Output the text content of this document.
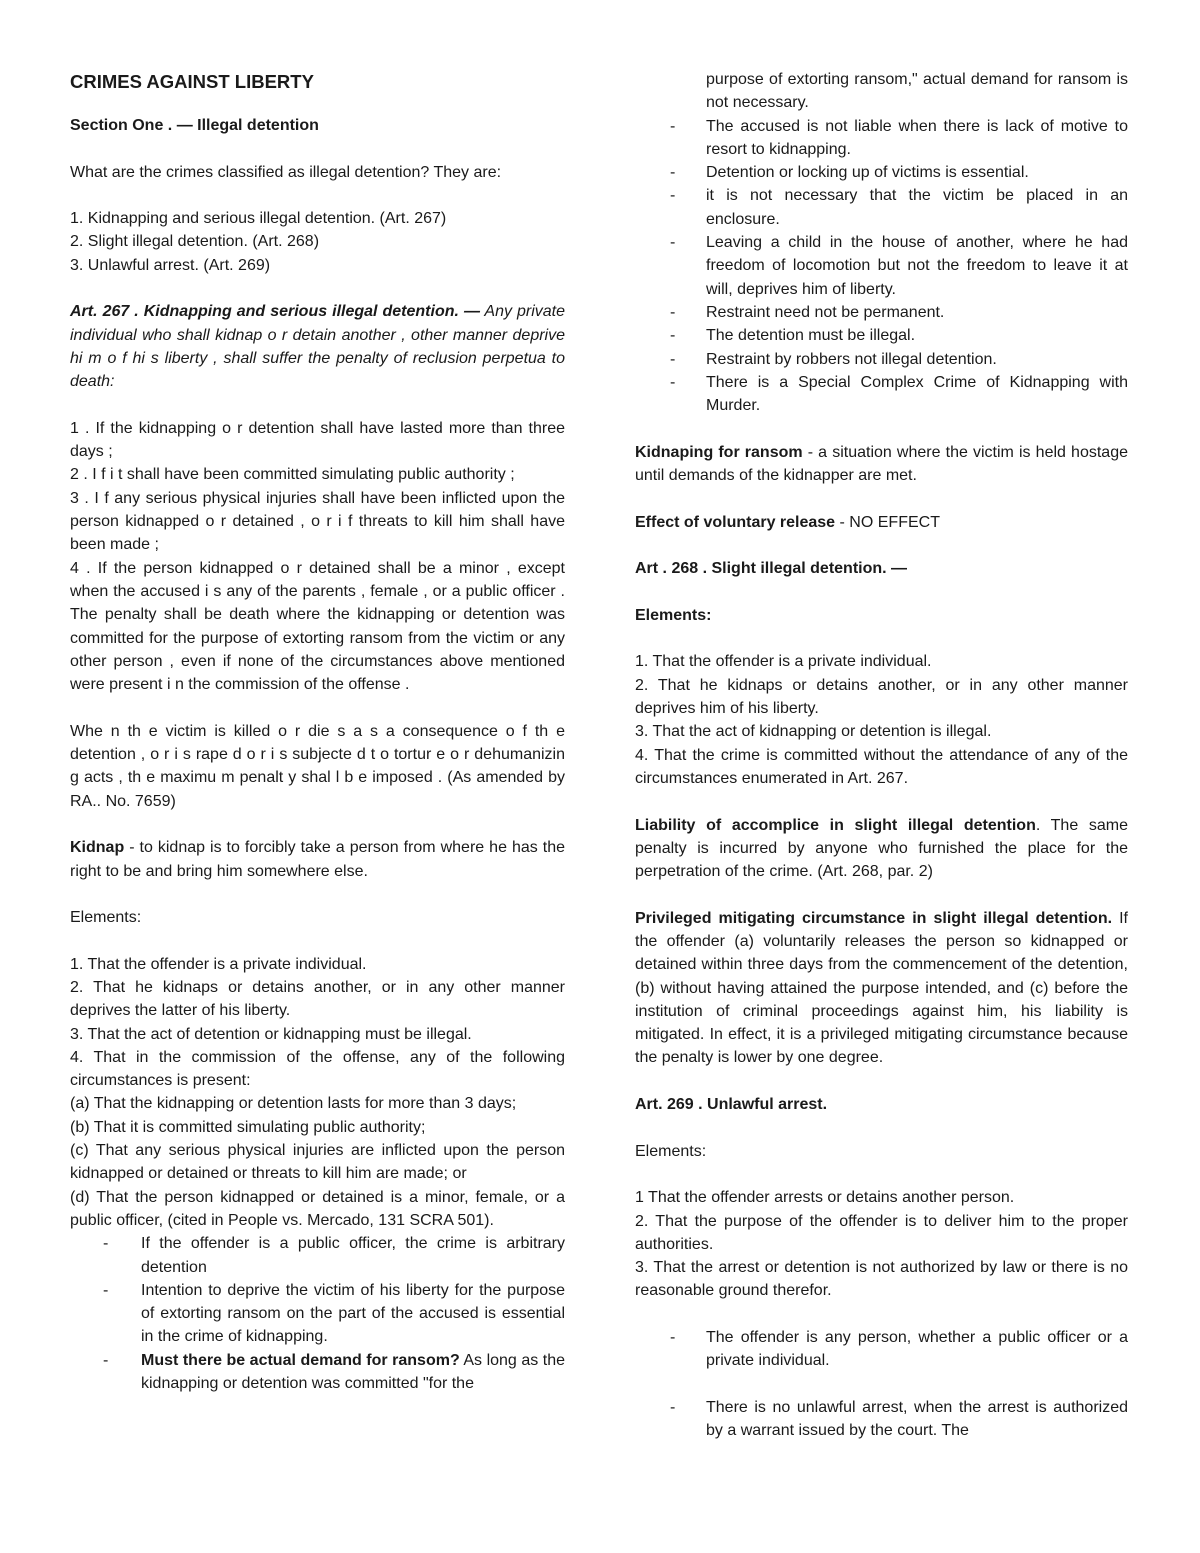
CRIMES AGAINST LIBERTY

Section One . — Illegal detention

What are the crimes classified as illegal detention? They are:

1. Kidnapping and serious illegal detention. (Art. 267)

2. Slight illegal detention. (Art. 268)

3. Unlawful arrest. (Art. 269)

Art. 267 . Kidnapping and serious illegal detention. — Any private individual who shall kidnap o r detain another , other manner deprive hi m o f hi s liberty , shall suffer the penalty of reclusion perpetua to death:

1 . If the kidnapping o r detention shall have lasted more than three days ;

2 . I f i t shall have been committed simulating public authority ;

3 . I f any serious physical injuries shall have been inflicted upon the person kidnapped o r detained , o r i f threats to kill him shall have been made ;

4 . If the person kidnapped o r detained shall be a minor , except when the accused i s any of the parents , female , or a public officer . The penalty shall be death where the kidnapping or detention was committed for the purpose of extorting ransom from the victim or any other person , even if none of the circumstances above mentioned were present i n the commission of the offense .

Whe n th e victim is killed o r die s a s a consequence o f th e detention , o r i s rape d o r i s subjecte d t o tortur e o r dehumanizin g acts , th e maximu m penalt y shal l b e imposed . (As amended by RA.. No. 7659)

Kidnap - to kidnap is to forcibly take a person from where he has the right to be and bring him somewhere else.

Elements:

1. That the offender is a private individual.

2. That he kidnaps or detains another, or in any other manner deprives the latter of his liberty.

3. That the act of detention or kidnapping must be illegal.

4. That in the commission of the offense, any of the following circumstances is present:

(a) That the kidnapping or detention lasts for more than 3 days;

(b) That it is committed simulating public authority;

(c) That any serious physical injuries are inflicted upon the person kidnapped or detained or threats to kill him are made; or

(d) That the person kidnapped or detained is a minor, female, or a public officer, (cited in People vs. Mercado, 131 SCRA 501).

- If the offender is a public officer, the crime is arbitrary detention
- Intention to deprive the victim of his liberty for the purpose of extorting ransom on the part of the accused is essential in the crime of kidnapping.
- Must there be actual demand for ransom? As long as the kidnapping or detention was committed "for the
purpose of extorting ransom," actual demand for ransom is not necessary.
- The accused is not liable when there is lack of motive to resort to kidnapping.
- Detention or locking up of victims is essential.
- it is not necessary that the victim be placed in an enclosure.
- Leaving a child in the house of another, where he had freedom of locomotion but not the freedom to leave it at will, deprives him of liberty.
- Restraint need not be permanent.
- The detention must be illegal.
- Restraint by robbers not illegal detention.
- There is a Special Complex Crime of Kidnapping with Murder.

Kidnaping for ransom - a situation where the victim is held hostage until demands of the kidnapper are met.

Effect of voluntary release - NO EFFECT

Art . 268 . Slight illegal detention. —

Elements:

1. That the offender is a private individual.

2. That he kidnaps or detains another, or in any other manner deprives him of his liberty.

3. That the act of kidnapping or detention is illegal.

4. That the crime is committed without the attendance of any of the circumstances enumerated in Art. 267.

Liability of accomplice in slight illegal detention. The same penalty is incurred by anyone who furnished the place for the perpetration of the crime. (Art. 268, par. 2)

Privileged mitigating circumstance in slight illegal detention. If the offender (a) voluntarily releases the person so kidnapped or detained within three days from the commencement of the detention, (b) without having attained the purpose intended, and (c) before the institution of criminal proceedings against him, his liability is mitigated. In effect, it is a privileged mitigating circumstance because the penalty is lower by one degree.

Art. 269 . Unlawful arrest.

Elements:

1 That the offender arrests or detains another person.

2. That the purpose of the offender is to deliver him to the proper authorities.

3. That the arrest or detention is not authorized by law or there is no reasonable ground therefor.

- The offender is any person, whether a public officer or a private individual.
- There is no unlawful arrest, when the arrest is authorized by a warrant issued by the court. The
